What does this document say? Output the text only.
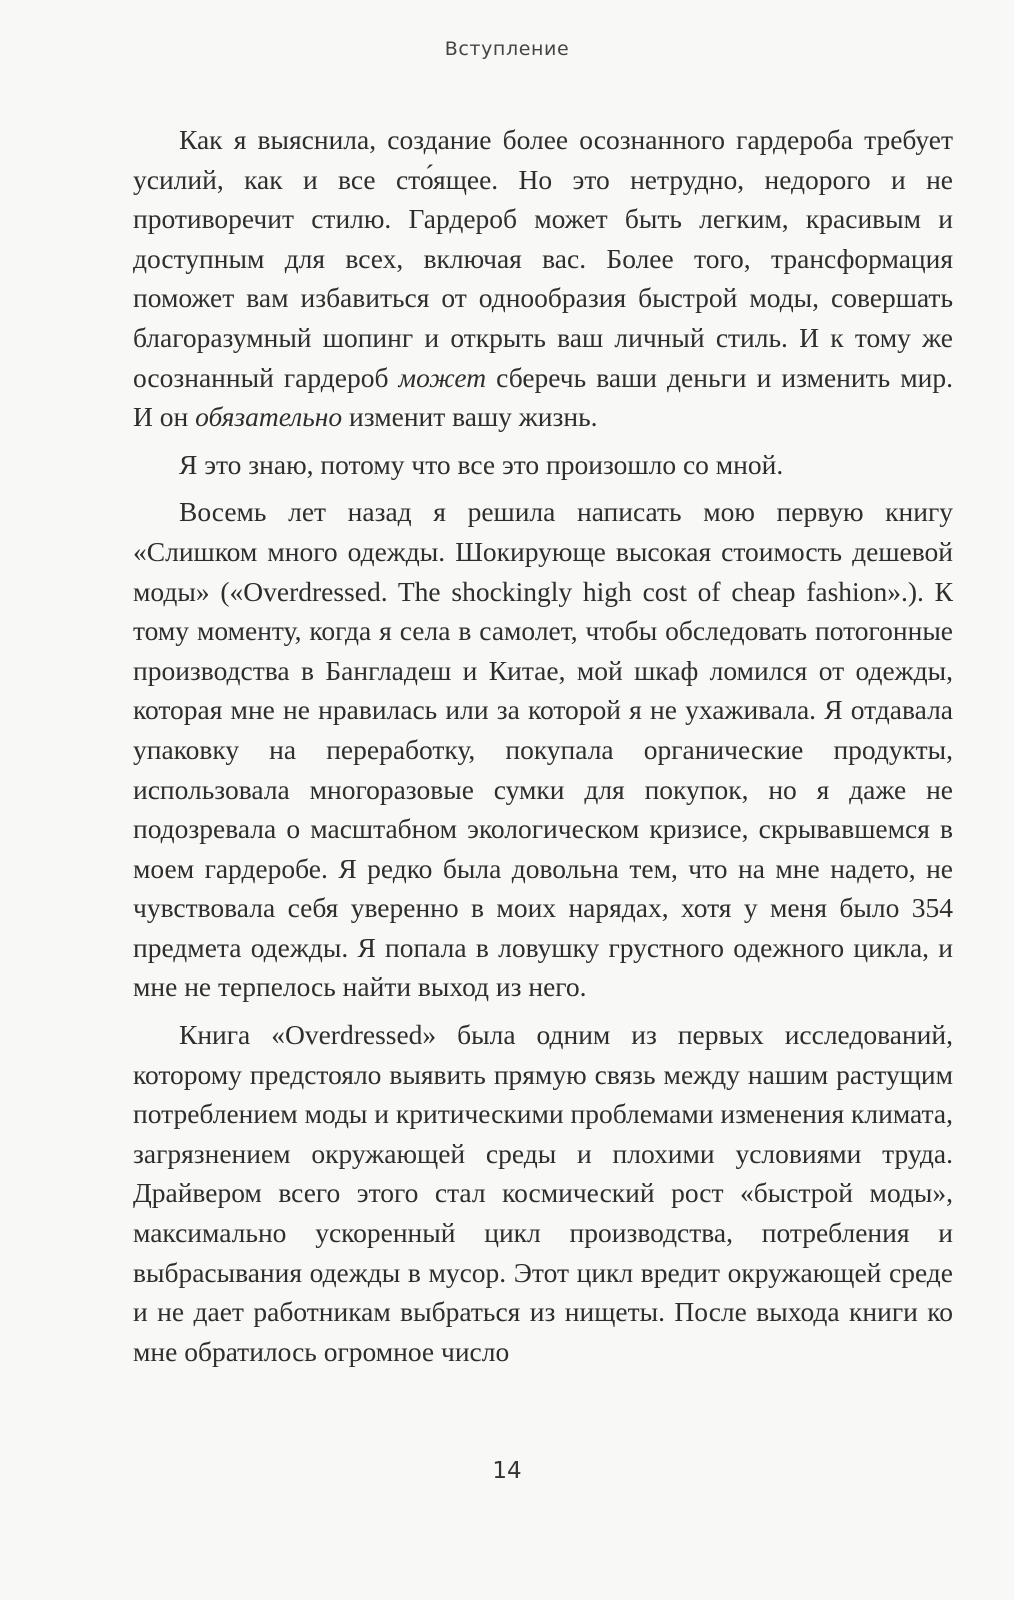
Вступление

Как я выяснила, создание более осознанного гардероба требует усилий, как и все сто́ящее. Но это нетрудно, недорого и не противоречит стилю. Гардероб может быть легким, красивым и доступным для всех, включая вас. Более того, трансформация поможет вам избавиться от однообразия быстрой моды, совершать благоразумный шопинг и открыть ваш личный стиль. И к тому же осознанный гардероб может сберечь ваши деньги и изменить мир. И он обязательно изменит вашу жизнь.

Я это знаю, потому что все это произошло со мной.

Восемь лет назад я решила написать мою первую книгу «Слишком много одежды. Шокирующе высокая стоимость дешевой моды» («Overdressed. The shockingly high cost of cheap fashion».). К тому моменту, когда я села в самолет, чтобы обследовать потогонные производства в Бангладеш и Китае, мой шкаф ломился от одежды, которая мне не нравилась или за которой я не ухаживала. Я отдавала упаковку на переработку, покупала органические продукты, использовала многоразовые сумки для покупок, но я даже не подозревала о масштабном экологическом кризисе, скрывавшемся в моем гардеробе. Я редко была довольна тем, что на мне надето, не чувствовала себя уверенно в моих нарядах, хотя у меня было 354 предмета одежды. Я попала в ловушку грустного одежного цикла, и мне не терпелось найти выход из него.

Книга «Overdressed» была одним из первых исследований, которому предстояло выявить прямую связь между нашим растущим потреблением моды и критическими проблемами изменения климата, загрязнением окружающей среды и плохими условиями труда. Драйвером всего этого стал космический рост «быстрой моды», максимально ускоренный цикл производства, потребления и выбрасывания одежды в мусор. Этот цикл вредит окружающей среде и не дает работникам выбраться из нищеты. После выхода книги ко мне обратилось огромное число

14
